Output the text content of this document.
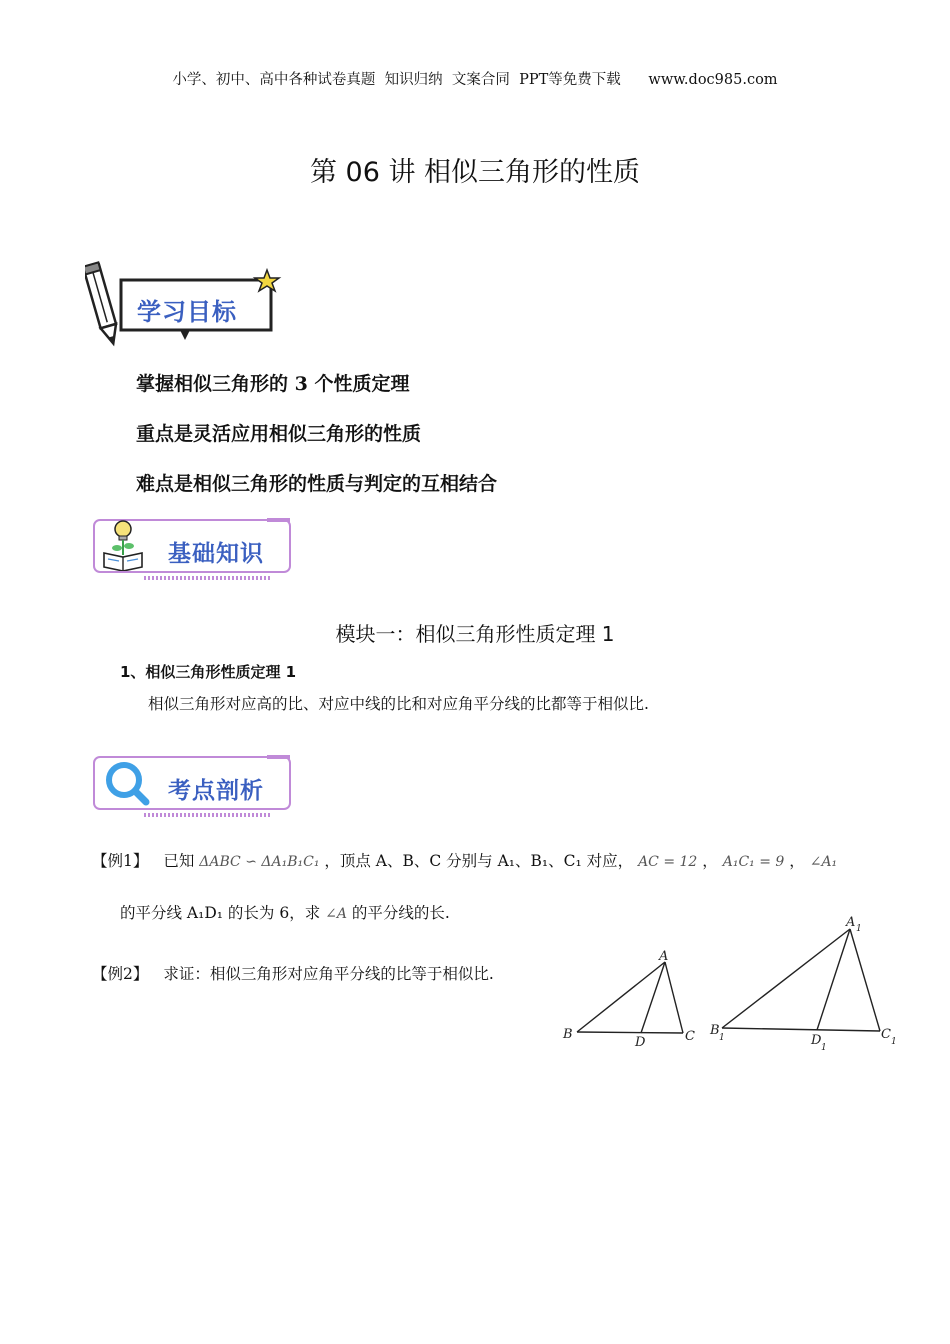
小学、初中、高中各种试卷真题  知识归纳  文案合同  PPT等免费下载      www.doc985.com
第 06 讲 相似三角形的性质
学习目标
掌握相似三角形的 3 个性质定理
重点是灵活应用相似三角形的性质
难点是相似三角形的性质与判定的互相结合
基础知识
模块一：相似三角形性质定理 1
1、相似三角形性质定理 1
相似三角形对应高的比、对应中线的比和对应角平分线的比都等于相似比.
考点剖析
【例1】 已知 ΔABC ∽ ΔA₁B₁C₁ ，顶点 A、B、C 分别与 A₁、B₁、C₁ 对应， AC = 12 ， A₁C₁ = 9 ， ∠A₁
的平分线 A₁D₁ 的长为 6，求 ∠A 的平分线的长.
【例2】 求证：相似三角形对应角平分线的比等于相似比.
A
B	C
D
A 1
B 1	C 1
D 1
